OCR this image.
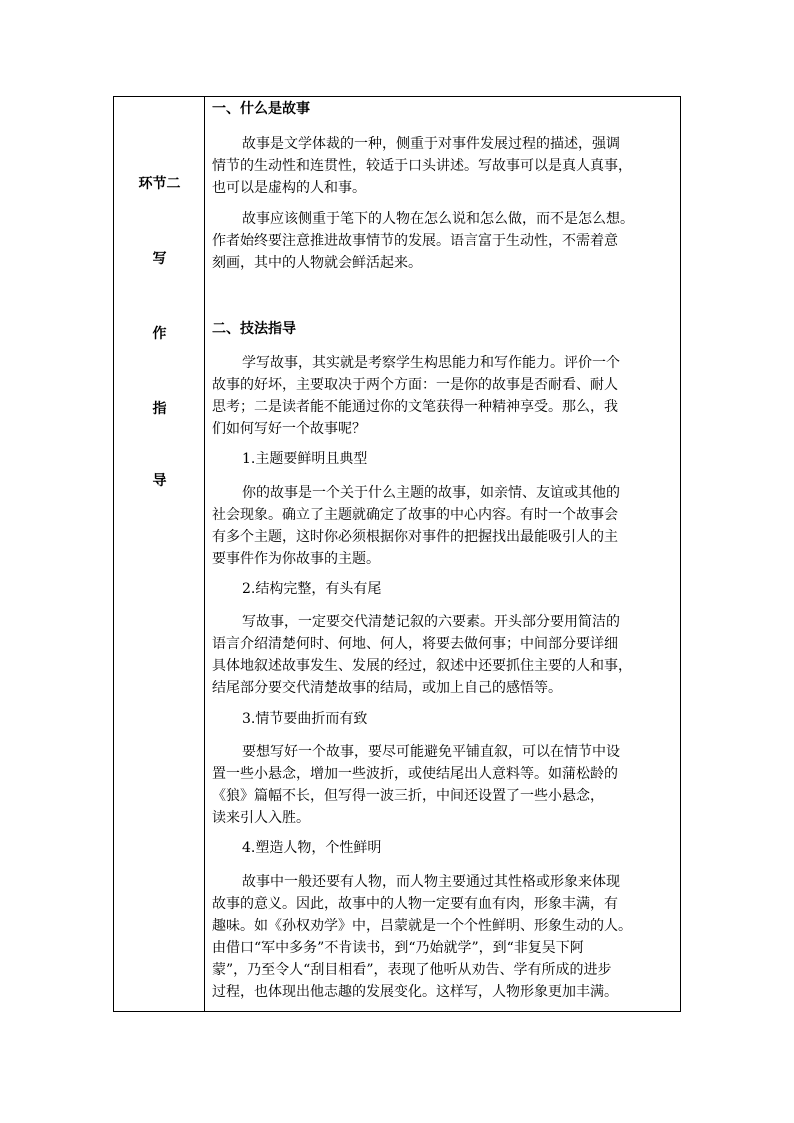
环节二
写
作
指
导
一、什么是故事
故事是文学体裁的一种，侧重于对事件发展过程的描述，强调
情节的生动性和连贯性，较适于口头讲述。写故事可以是真人真事，
也可以是虚构的人和事。
故事应该侧重于笔下的人物在怎么说和怎么做，而不是怎么想。
作者始终要注意推进故事情节的发展。语言富于生动性，不需着意
刻画，其中的人物就会鲜活起来。
二、技法指导
学写故事，其实就是考察学生构思能力和写作能力。评价一个
故事的好坏，主要取决于两个方面：一是你的故事是否耐看、耐人
思考；二是读者能不能通过你的文笔获得一种精神享受。那么，我
们如何写好一个故事呢？
1.主题要鲜明且典型
你的故事是一个关于什么主题的故事，如亲情、友谊或其他的
社会现象。确立了主题就确定了故事的中心内容。有时一个故事会
有多个主题，这时你必须根据你对事件的把握找出最能吸引人的主
要事件作为你故事的主题。
2.结构完整，有头有尾
写故事，一定要交代清楚记叙的六要素。开头部分要用简洁的
语言介绍清楚何时、何地、何人，将要去做何事；中间部分要详细
具体地叙述故事发生、发展的经过，叙述中还要抓住主要的人和事，
结尾部分要交代清楚故事的结局，或加上自己的感悟等。
3.情节要曲折而有致
要想写好一个故事，要尽可能避免平铺直叙，可以在情节中设
置一些小悬念，增加一些波折，或使结尾出人意料等。如蒲松龄的
《狼》篇幅不长，但写得一波三折，中间还设置了一些小悬念，
读来引人入胜。
4.塑造人物，个性鲜明
故事中一般还要有人物，而人物主要通过其性格或形象来体现
故事的意义。因此，故事中的人物一定要有血有肉，形象丰满，有
趣味。如《孙权劝学》中，吕蒙就是一个个性鲜明、形象生动的人。
由借口“军中多务”不肯读书，到“乃始就学”，到“非复吴下阿
蒙”，乃至令人“刮目相看”，表现了他听从劝告、学有所成的进步
过程，也体现出他志趣的发展变化。这样写，人物形象更加丰满。
